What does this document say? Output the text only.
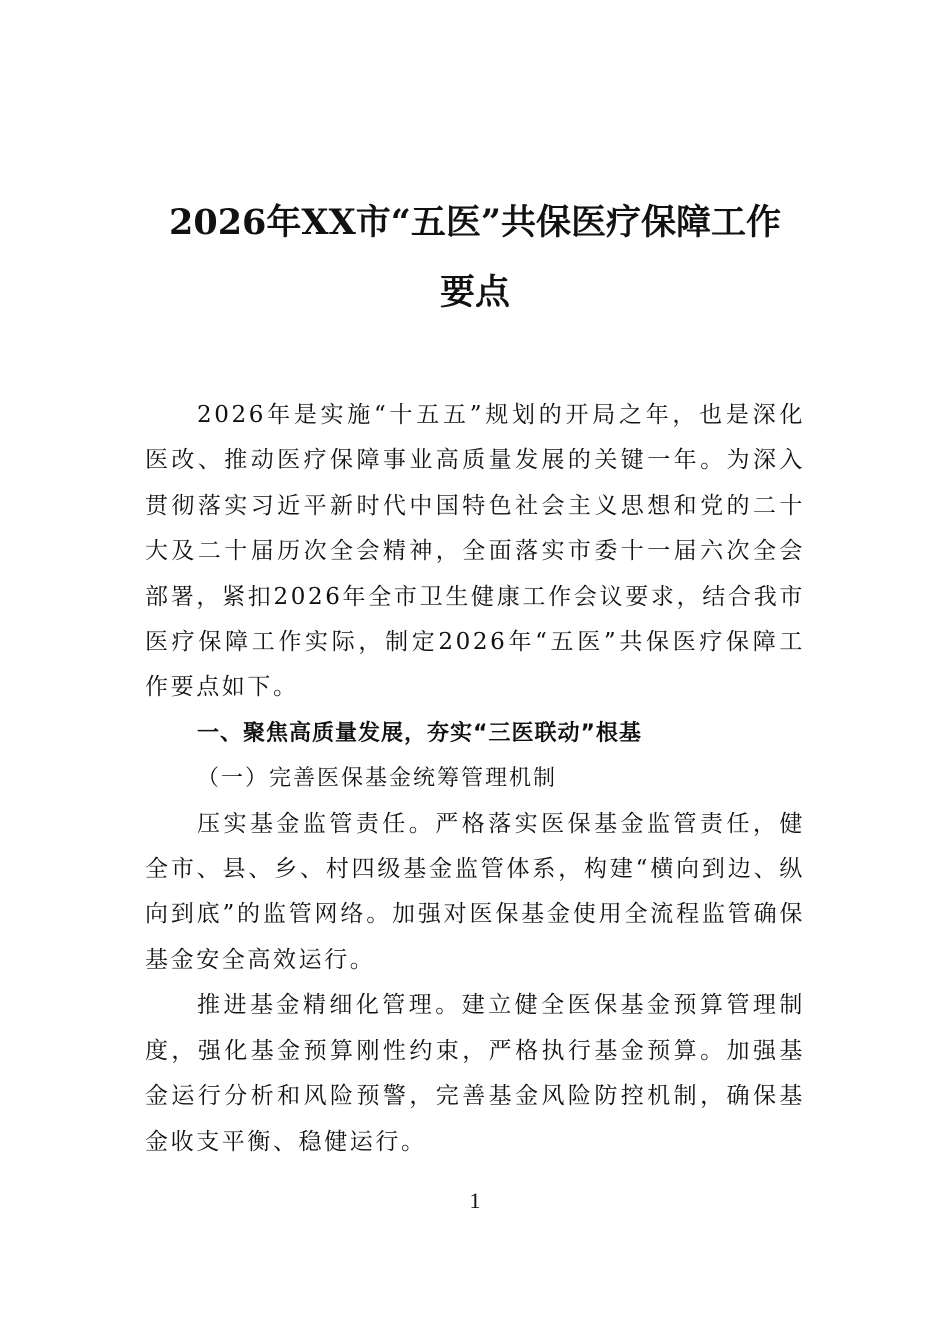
2026年XX市“五医”共保医疗保障工作
要点

2026年是实施“十五五”规划的开局之年，也是深化医改、推动医疗保障事业高质量发展的关键一年。为深入贯彻落实习近平新时代中国特色社会主义思想和党的二十大及二十届历次全会精神，全面落实市委十一届六次全会部署，紧扣2026年全市卫生健康工作会议要求，结合我市医疗保障工作实际，制定2026年“五医”共保医疗保障工作要点如下。

一、聚焦高质量发展，夯实“三医联动”根基

（一）完善医保基金统筹管理机制

压实基金监管责任。严格落实医保基金监管责任，健全市、县、乡、村四级基金监管体系，构建“横向到边、纵向到底”的监管网络。加强对医保基金使用全流程监管确保基金安全高效运行。

推进基金精细化管理。建立健全医保基金预算管理制度，强化基金预算刚性约束，严格执行基金预算。加强基金运行分析和风险预警，完善基金风险防控机制，确保基金收支平衡、稳健运行。

1
